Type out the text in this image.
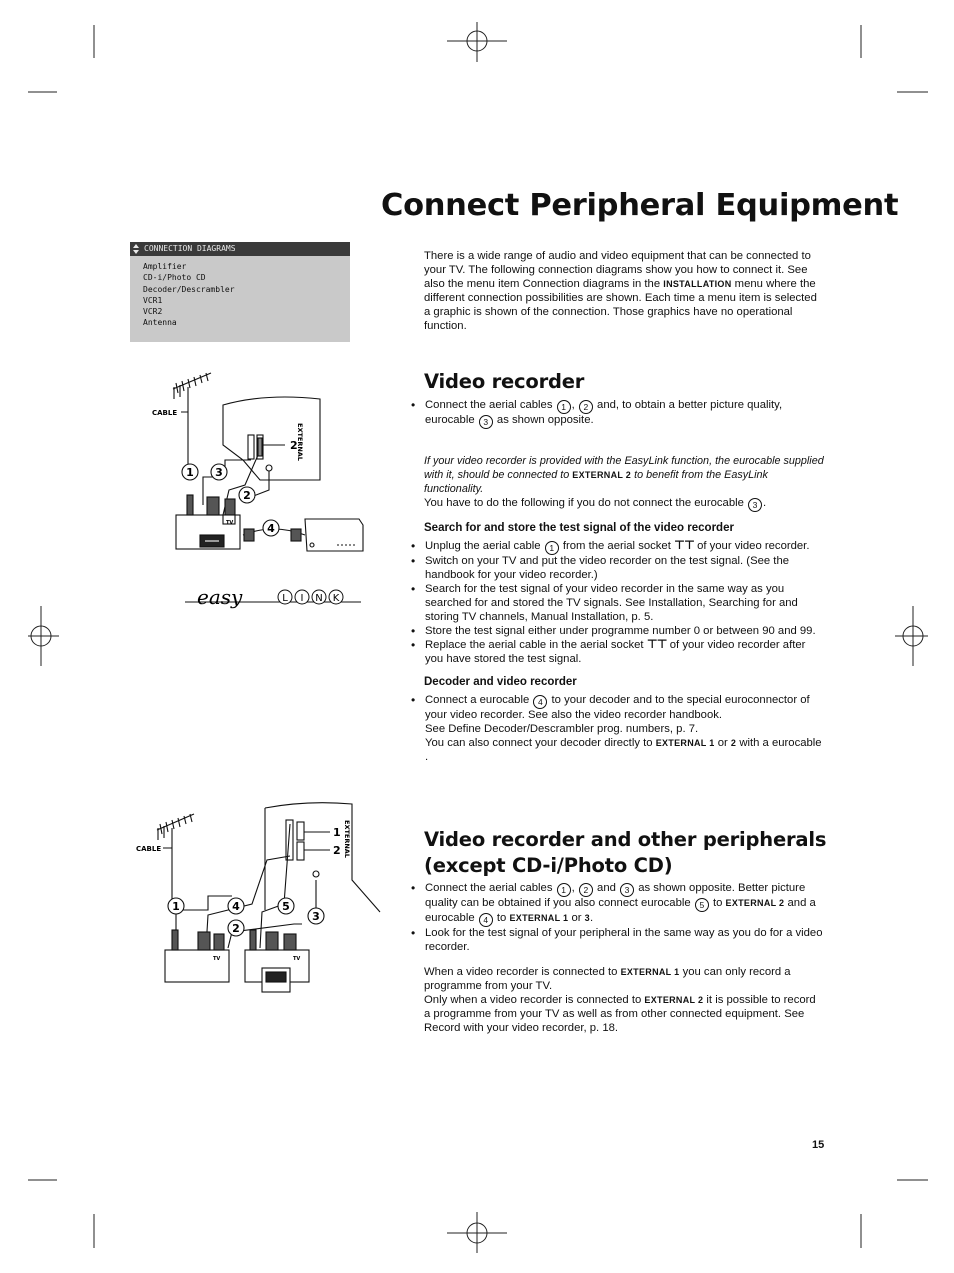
Connect Peripheral Equipment
CONNECTION DIAGRAMS
Amplifier
CD-i/Photo CD
Decoder/Descrambler
VCR1
VCR2
Antenna

There is a wide range of audio and video equipment that can be connected to your TV. The following connection diagrams show you how to connect it. See also the menu item Connection diagrams in the INSTALLATION menu where the different connection possibilities are shown. Each time a menu item is selected a graphic is shown of the connection. Those graphics have no operational function.

Video recorder
• Connect the aerial cables 1 , 2 and, to obtain a better picture quality, eurocable 3 as shown opposite.

If your video recorder is provided with the EasyLink function, the eurocable supplied with it, should be connected to EXTERNAL 2 to benefit from the EasyLink functionality.

You have to do the following if you do not connect the eurocable 3 .

Search for and store the test signal of the video recorder
• Unplug the aerial cable 1 from the aerial socket ⊤⊤ of your video recorder.
• Switch on your TV and put the video recorder on the test signal. (See the handbook for your video recorder.)
• Search for the test signal of your video recorder in the same way as you searched for and stored the TV signals. See Installation, Searching for and storing TV channels, Manual Installation, p. 5.
• Store the test signal either under programme number 0 or between 90 and 99.
• Replace the aerial cable in the aerial socket ⊤⊤ of your video recorder after you have stored the test signal.
Decoder and video recorder
• Connect a eurocable 4 to your decoder and to the special euroconnector of your video recorder. See also the video recorder handbook.
See Define Decoder/Descrambler prog. numbers, p. 7.
You can also connect your decoder directly to EXTERNAL 1 or 2 with a eurocable .
Video recorder and other peripherals
(except CD-i/Photo CD)
• Connect the aerial cables 1 , 2 and 3 as shown opposite. Better picture quality can be obtained if you also connect eurocable 5 to EXTERNAL 2 and a eurocable 4 to EXTERNAL 1 or 3.
• Look for the test signal of your peripheral in the same way as you do for a video recorder.

When a video recorder is connected to EXTERNAL 1 you can only record a programme from your TV.
Only when a video recorder is connected to EXTERNAL 2 it is possible to record a programme from your TV as well as from other connected equipment. See Record with your video recorder, p. 18.

1 3
2
4
2
TV
EXTERNAL
CABLE
easy	L I N K
1	4	5
2
3
1
2 EXTERNAL
CABLE
TV	TV
15
